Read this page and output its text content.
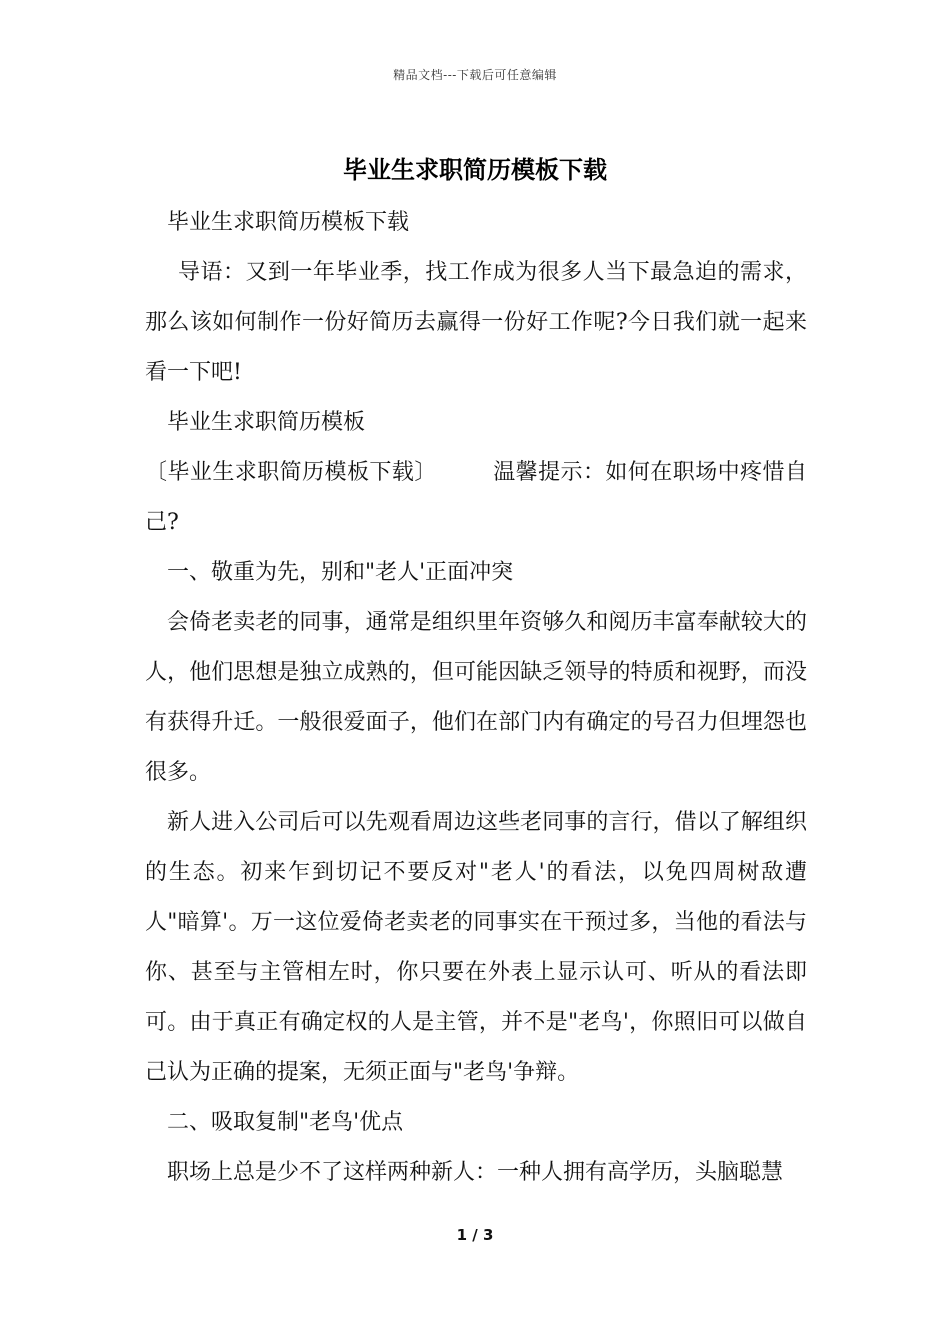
精品文档---下载后可任意编辑
毕业生求职简历模板下载

毕业生求职简历模板下载

导语：又到一年毕业季，找工作成为很多人当下最急迫的需求，那么该如何制作一份好简历去赢得一份好工作呢?今日我们就一起来看一下吧!

毕业生求职简历模板

〔毕业生求职简历模板下载〕	温馨提示：如何在职场中疼惜自己?

一、敬重为先，别和"老人'正面冲突

会倚老卖老的同事，通常是组织里年资够久和阅历丰富奉献较大的人，他们思想是独立成熟的，但可能因缺乏领导的特质和视野，而没有获得升迁。一般很爱面子，他们在部门内有确定的号召力但埋怨也很多。

新人进入公司后可以先观看周边这些老同事的言行，借以了解组织的生态。初来乍到切记不要反对"老人'的看法，以免四周树敌遭人"暗算'。万一这位爱倚老卖老的同事实在干预过多，当他的看法与你、甚至与主管相左时，你只要在外表上显示认可、听从的看法即可。由于真正有确定权的人是主管，并不是"老鸟'，你照旧可以做自己认为正确的提案，无须正面与"老鸟'争辩。

二、吸取复制"老鸟'优点

职场上总是少不了这样两种新人：一种人拥有高学历，头脑聪慧

1 / 3
